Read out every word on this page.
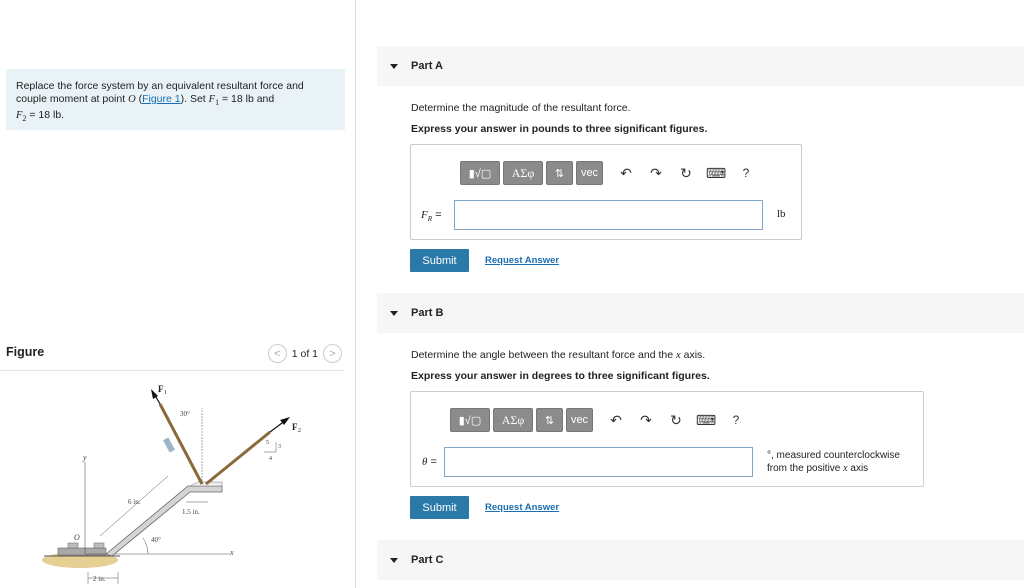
Replace the force system by an equivalent resultant force and couple moment at point O (Figure 1). Set $F_1 = 18$ lb and
$F_2 = 18$ lb.
Figure	< 1 of 1 >
x
y
O	40°
6 in.
1.5 in.
2 in.
F 1
30°
F 2
3
4
5
Part A
Determine the magnitude of the resultant force.
Express your answer in pounds to three significant figures.
▮√▢ ΑΣφ ⇅ vec ↶ ↷ ↻ ⌨	?
$F_R$ =	lb
Submit	Request Answer
Part B
Determine the angle between the resultant force and the x axis.
Express your answer in degrees to three significant figures.
▮√▢ ΑΣφ ⇅ vec ↶ ↷ ↻ ⌨	?
θ =
°, measured counterclockwise
from the positive x axis
Submit	Request Answer
Part C
